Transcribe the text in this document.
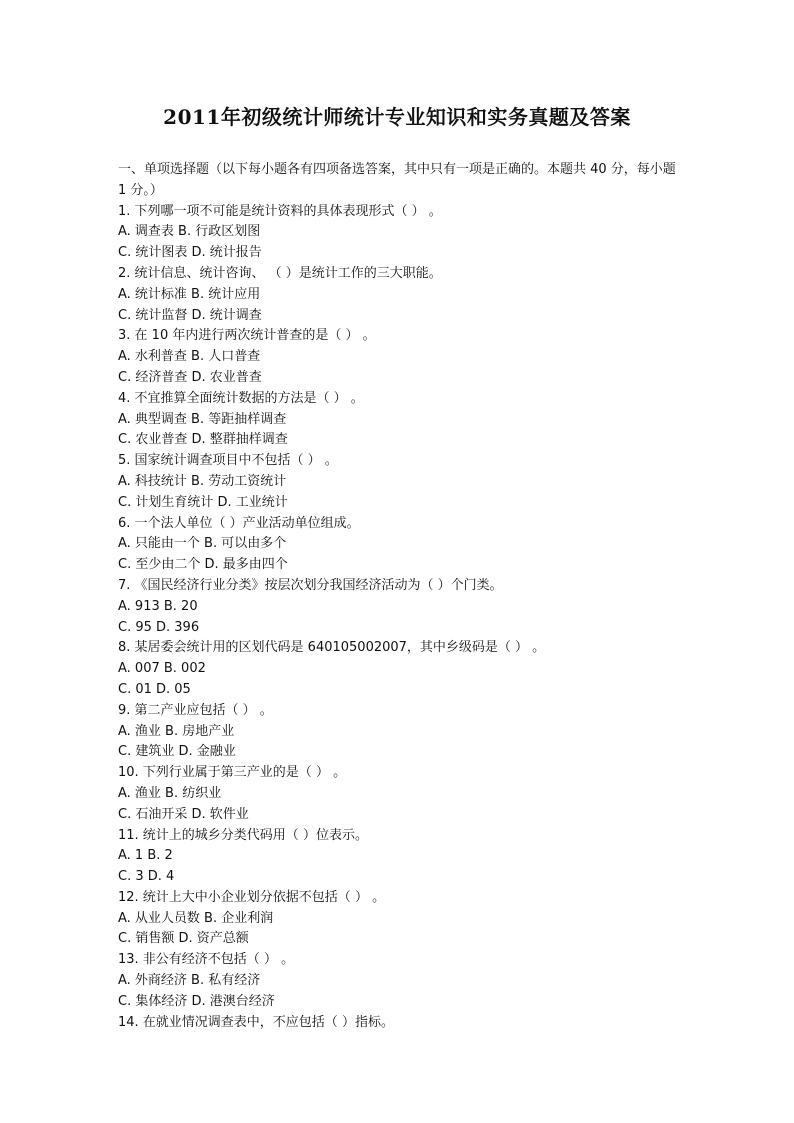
2011年初级统计师统计专业知识和实务真题及答案
一、单项选择题（以下每小题各有四项备选答案，其中只有一项是正确的。本题共 40 分，每小题 1 分。）
1. 下列哪一项不可能是统计资料的具体表现形式（ ） 。
A. 调查表 B. 行政区划图
C. 统计图表 D. 统计报告
2. 统计信息、统计咨询、 （ ）是统计工作的三大职能。
A. 统计标准 B. 统计应用
C. 统计监督 D. 统计调查
3. 在 10 年内进行两次统计普查的是（ ） 。
A. 水利普查 B. 人口普查
C. 经济普查 D. 农业普查
4. 不宜推算全面统计数据的方法是（ ） 。
A. 典型调查 B. 等距抽样调查
C. 农业普查 D. 整群抽样调查
5. 国家统计调查项目中不包括（ ） 。
A. 科技统计 B. 劳动工资统计
C. 计划生育统计 D. 工业统计
6. 一个法人单位（ ）产业活动单位组成。
A. 只能由一个 B. 可以由多个
C. 至少由二个 D. 最多由四个
7. 《国民经济行业分类》按层次划分我国经济活动为（ ）个门类。
A. 913 B. 20
C. 95 D. 396
8. 某居委会统计用的区划代码是 640105002007，其中乡级码是（ ） 。
A. 007 B. 002
C. 01 D. 05
9. 第二产业应包括（ ） 。
A. 渔业 B. 房地产业
C. 建筑业 D. 金融业
10. 下列行业属于第三产业的是（ ） 。
A. 渔业 B. 纺织业
C. 石油开采 D. 软件业
11. 统计上的城乡分类代码用（ ）位表示。
A. 1 B. 2
C. 3 D. 4
12. 统计上大中小企业划分依据不包括（ ） 。
A. 从业人员数 B. 企业利润
C. 销售额 D. 资产总额
13. 非公有经济不包括（ ） 。
A. 外商经济 B. 私有经济
C. 集体经济 D. 港澳台经济
14. 在就业情况调查表中，不应包括（ ）指标。
